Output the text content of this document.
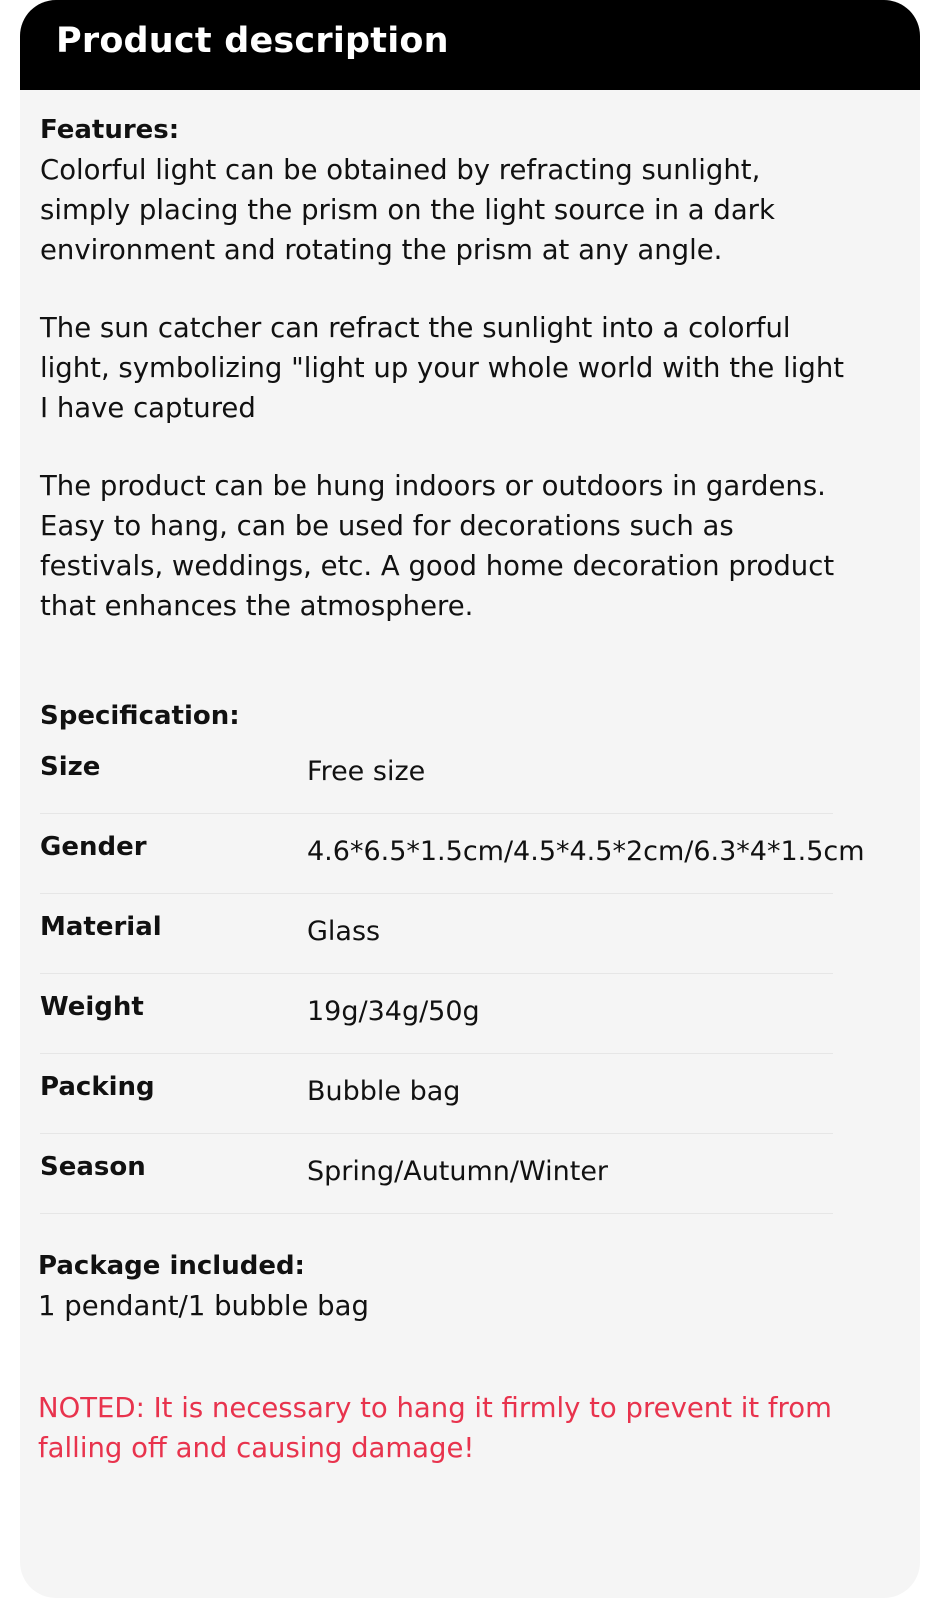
Product description

Features:

Colorful light can be obtained by refracting sunlight,
simply placing the prism on the light source in a dark
environment and rotating the prism at any angle.

The sun catcher can refract the sunlight into a colorful
light, symbolizing "light up your whole world with the light
I have captured

The product can be hung indoors or outdoors in gardens.
Easy to hang, can be used for decorations such as
festivals, weddings, etc. A good home decoration product
that enhances the atmosphere.

Specification:

Size	Free size
Gender	4.6*6.5*1.5cm/4.5*4.5*2cm/6.3*4*1.5cm
Material	Glass
Weight	19g/34g/50g
Packing	Bubble bag
Season	Spring/Autumn/Winter

Package included:

1 pendant/1 bubble bag

NOTED: It is necessary to hang it firmly to prevent it from
falling off and causing damage!
